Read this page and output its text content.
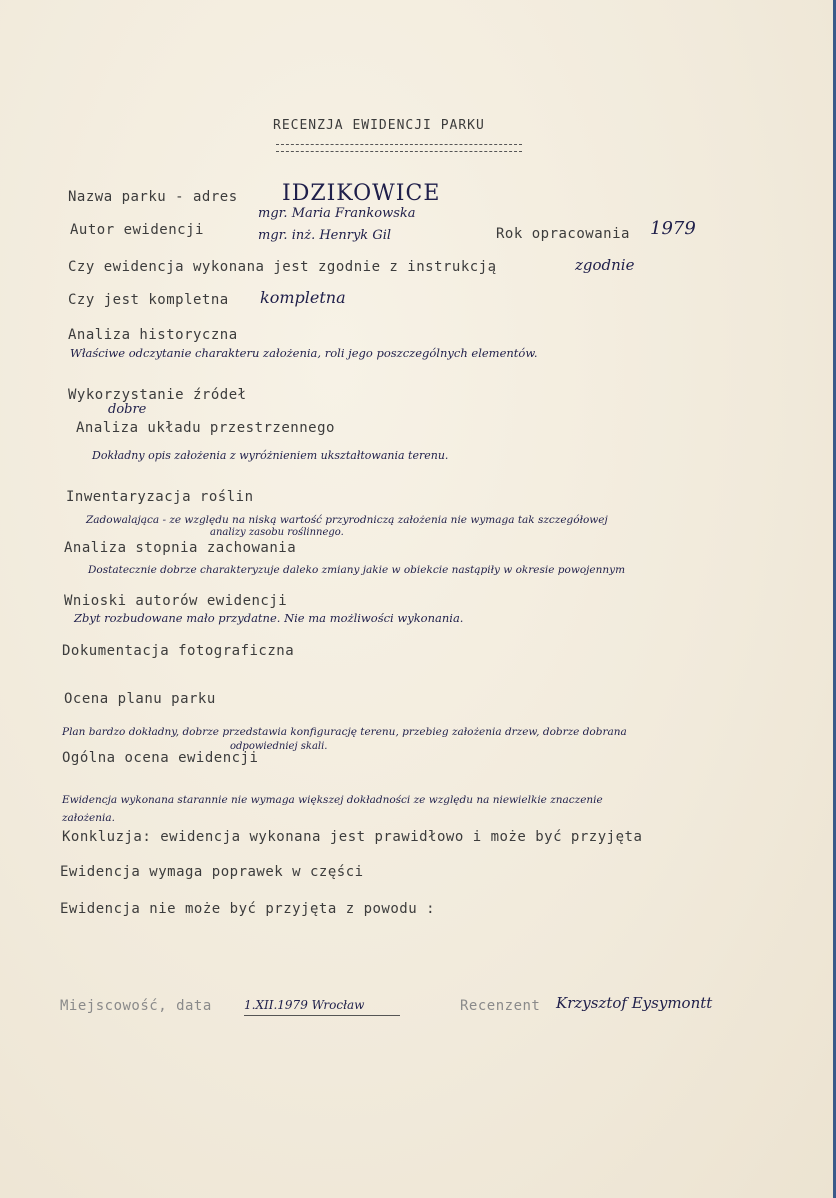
RECENZJA EWIDENCJI PARKU
Nazwa parku - adres IDZIKOWICE
Autor ewidencji
mgr. Maria Frankowska
mgr. inż. Henryk Gil	Rok opracowania 1979
Czy ewidencja wykonana jest zgodnie z instrukcją	zgodnie
Czy jest kompletna kompletna
Analiza historyczna
Właściwe odczytanie charakteru założenia, roli jego poszczególnych elementów.
Wykorzystanie źródeł
dobre
Analiza układu przestrzennego
Dokładny opis założenia z wyróżnieniem ukształtowania terenu.
Inwentaryzacja roślin
Zadowalająca - ze względu na niską wartość przyrodniczą założenia nie wymaga tak szczegółowej
analizy zasobu roślinnego.
Analiza stopnia zachowania
Dostatecznie dobrze charakteryzuje daleko zmiany jakie w obiekcie nastąpiły w okresie powojennym
Wnioski autorów ewidencji
Zbyt rozbudowane mało przydatne. Nie ma możliwości wykonania.
Dokumentacja fotograficzna
Ocena planu parku
Plan bardzo dokładny, dobrze przedstawia konfigurację terenu, przebieg założenia drzew, dobrze dobrana
odpowiedniej skali.
Ogólna ocena ewidencji
Ewidencja wykonana starannie nie wymaga większej dokładności ze względu na niewielkie znaczenie
założenia.
Konkluzja: ewidencja wykonana jest prawidłowo i może być przyjęta
Ewidencja wymaga poprawek w części
Ewidencja nie może być przyjęta z powodu :
Miejscowość, data	1.XII.1979 Wrocław	Recenzent Krzysztof Eysymontt
